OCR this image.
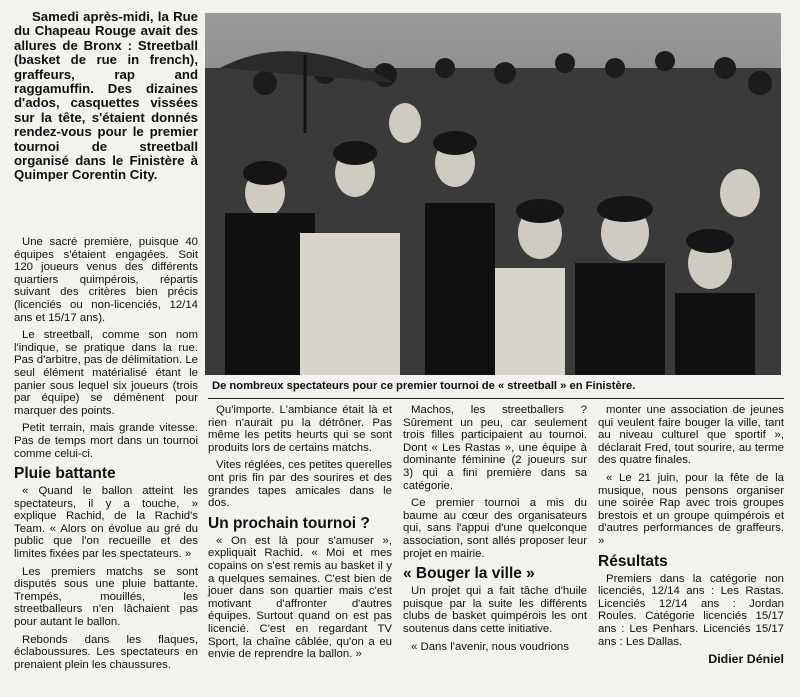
Samedi après-midi, la Rue du Chapeau Rouge avait des allures de Bronx : Streetball (basket de rue in french), graffeurs, rap and raggamuffin. Des dizaines d'ados, casquettes vissées sur la tête, s'étaient donnés rendez-vous pour le premier tournoi de streetball organisé dans le Finistère à Quimper Corentin City.
De nombreux spectateurs pour ce premier tournoi de « streetball » en Finistère.

Une sacré première, puisque 40 équipes s'étaient engagées. Soit 120 joueurs venus des différents quartiers quimpérois, répartis suivant des critères bien précis (licenciés ou non-licenciés, 12/14 ans et 15/17 ans).

Le streetball, comme son nom l'indique, se pratique dans la rue. Pas d'arbitre, pas de délimitation. Le seul élément matérialisé étant le panier sous lequel six joueurs (trois par équipe) se démènent pour marquer des points.

Petit terrain, mais grande vitesse. Pas de temps mort dans un tournoi comme celui-ci.

Pluie battante

« Quand le ballon atteint les spectateurs, il y a touche, » explique Rachid, de la Rachid's Team. « Alors on évolue au gré du public que l'on recueille et des limites fixées par les spectateurs. »

Les premiers matchs se sont disputés sous une pluie battante. Trempés, mouillés, les streetballeurs n'en lâchaient pas pour autant le ballon.

Rebonds dans les flaques, éclaboussures. Les spectateurs en prenaient plein les chaussures.

Qu'importe. L'ambiance était là et rien n'aurait pu la détrôner. Pas même les petits heurts qui se sont produits lors de certains matchs.

Vites réglées, ces petites querelles ont pris fin par des sourires et des grandes tapes amicales dans le dos.

Un prochain tournoi ?

« On est là pour s'amuser », expliquait Rachid. « Moi et mes copains on s'est remis au basket il y a quelques semaines. C'est bien de jouer dans son quartier mais c'est motivant d'affronter d'autres équipes. Surtout quand on est pas licencié. C'est en regardant TV Sport, la chaîne câblée, qu'on a eu envie de reprendre la ballon. »

Machos, les streetballers ? Sûrement un peu, car seulement trois filles participaient au tournoi. Dont « Les Rastas », une équipe à dominante féminine (2 joueurs sur 3) qui a fini première dans sa catégorie.

Ce premier tournoi a mis du baume au cœur des organisateurs qui, sans l'appui d'une quelconque association, sont allés proposer leur projet en mairie.

« Bouger la ville »

Un projet qui a fait tâche d'huile puisque par la suite les différents clubs de basket quimpérois les ont soutenus dans cette initiative.

« Dans l'avenir, nous voudrions

monter une association de jeunes qui veulent faire bouger la ville, tant au niveau culturel que sportif », déclarait Fred, tout sourire, au terme des quatre finales.

« Le 21 juin, pour la fête de la musique, nous pensons organiser une soirée Rap avec trois groupes brestois et un groupe quimpérois et d'autres performances de graffeurs. »

Résultats

Premiers dans la catégorie non licenciés, 12/14 ans : Les Rastas. Licenciés 12/14 ans : Jordan Roules. Catégorie licenciés 15/17 ans : Les Penhars. Licenciés 15/17 ans : Les Dallas.

Didier Déniel
